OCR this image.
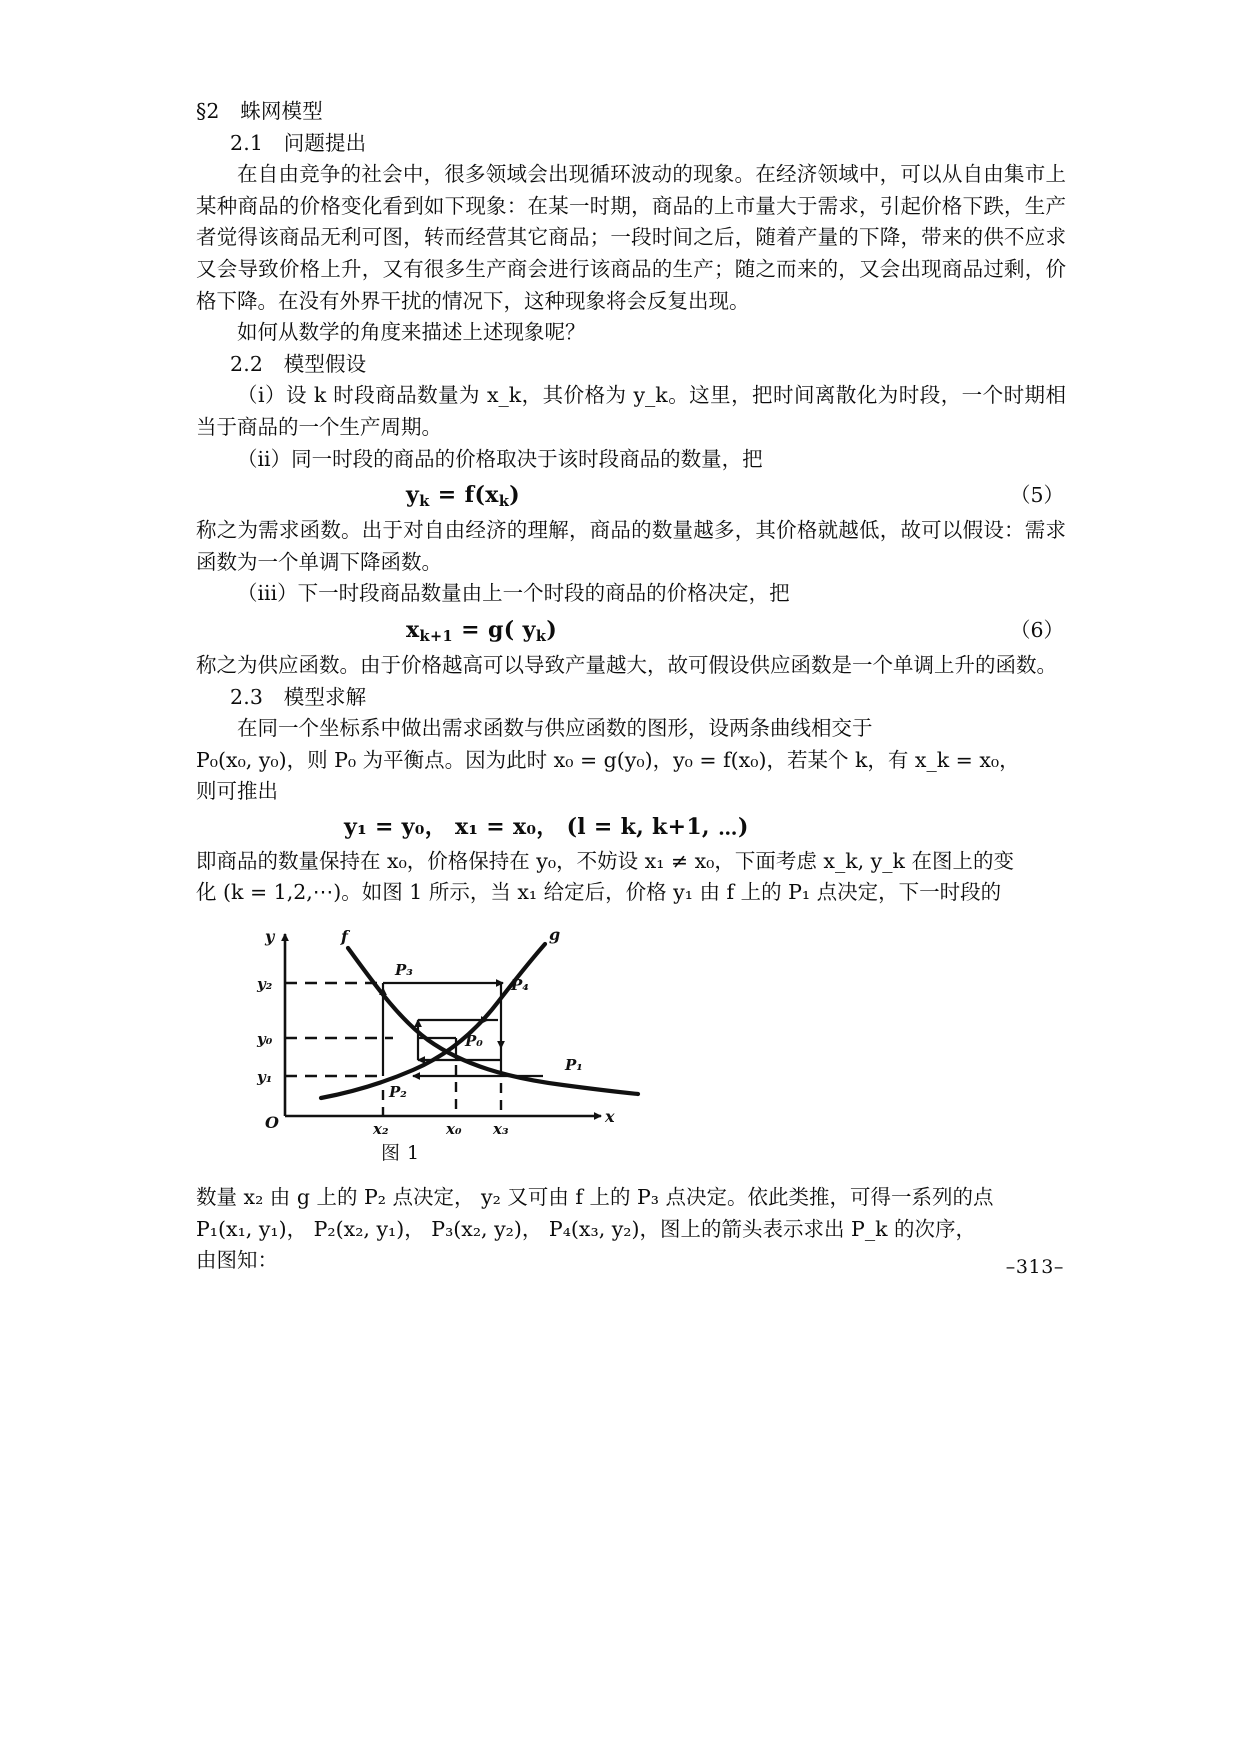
§2　蛛网模型
2.1　问题提出
在自由竞争的社会中，很多领域会出现循环波动的现象。在经济领域中，可以从自由集市上某种商品的价格变化看到如下现象：在某一时期，商品的上市量大于需求，引起价格下跌，生产者觉得该商品无利可图，转而经营其它商品；一段时间之后，随着产量的下降，带来的供不应求又会导致价格上升，又有很多生产商会进行该商品的生产；随之而来的，又会出现商品过剩，价格下降。在没有外界干扰的情况下，这种现象将会反复出现。
如何从数学的角度来描述上述现象呢？
2.2　模型假设
（i）设 k 时段商品数量为 x_k，其价格为 y_k。这里，把时间离散化为时段，一个时期相当于商品的一个生产周期。
（ii）同一时段的商品的价格取决于该时段商品的数量，把
$y_k = f(x_k)$	（5）
称之为需求函数。出于对自由经济的理解，商品的数量越多，其价格就越低，故可以假设：需求函数为一个单调下降函数。
（iii）下一时段商品数量由上一个时段的商品的价格决定，把
$x_{k+1} = g$( $y_k$)	（6）
称之为供应函数。由于价格越高可以导致产量越大，故可假设供应函数是一个单调上升的函数。
2.3　模型求解
在同一个坐标系中做出需求函数与供应函数的图形，设两条曲线相交于
P₀(x₀, y₀)，则 P₀ 为平衡点。因为此时 x₀ = g(y₀)，y₀ = f(x₀)，若某个 k，有 x_k = x₀，
则可推出
y₁ = y₀， x₁ = x₀， (l = k, k+1, ⋯)
即商品的数量保持在 x₀，价格保持在 y₀，不妨设 x₁ ≠ x₀，下面考虑 x_k, y_k 在图上的变
化 (k = 1,2,⋯)。如图 1 所示，当 x₁ 给定后，价格 y₁ 由 f 上的 P₁ 点决定，下一时段的
y
x
O
y₂
y₀
y₁
x₂	x₀ x₃
f	g
P₃
P₄
P₀
P₁
P₂
图 1
数量 x₂ 由 g 上的 P₂ 点决定， y₂ 又可由 f 上的 P₃ 点决定。依此类推，可得一系列的点
P₁(x₁, y₁)， P₂(x₂, y₁)， P₃(x₂, y₂)， P₄(x₃, y₂)，图上的箭头表示求出 P_k 的次序，
由图知：	–313–
